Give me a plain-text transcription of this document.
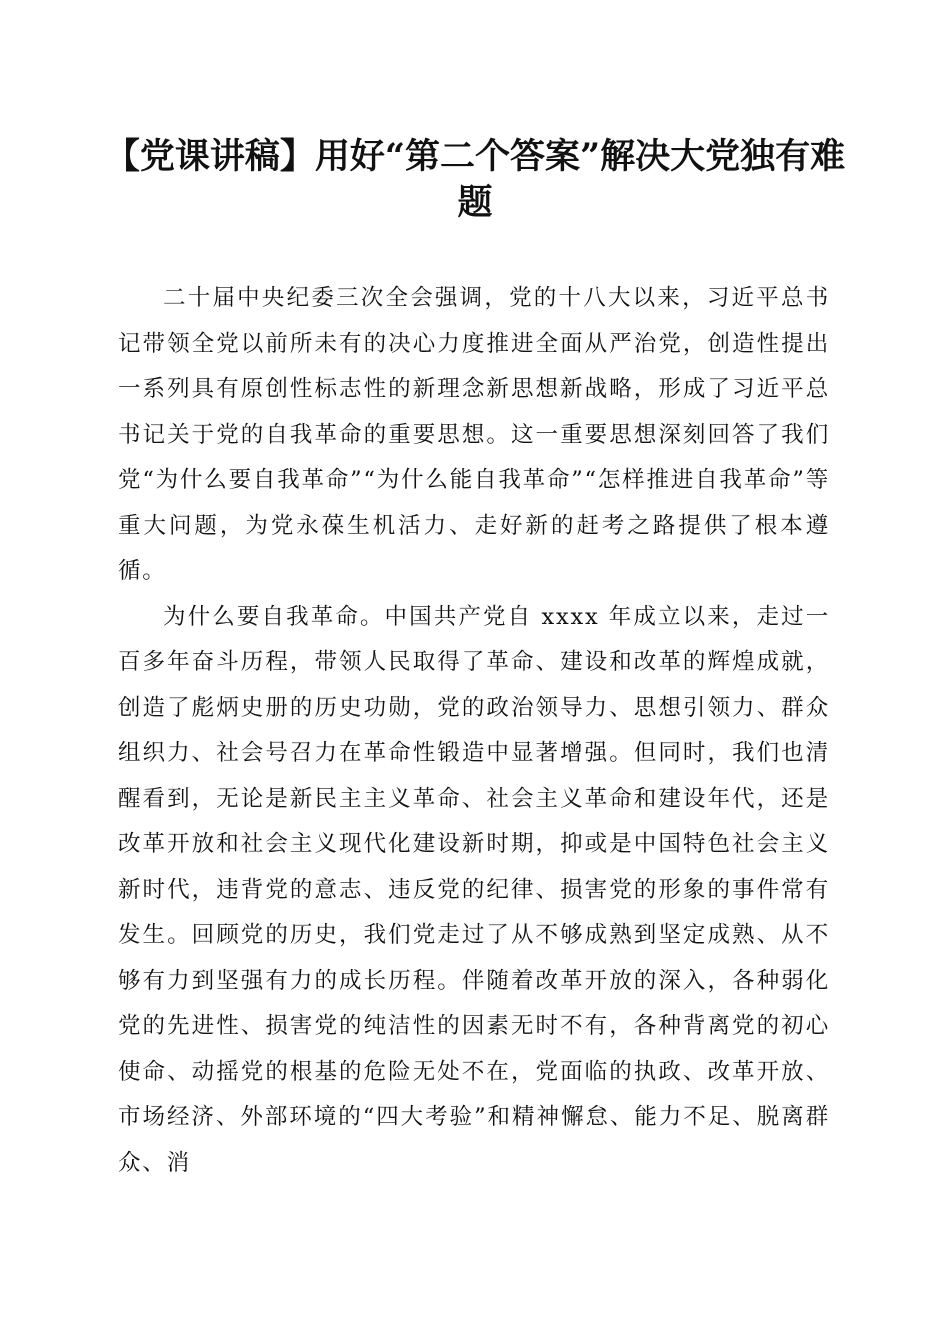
【党课讲稿】用好“第二个答案”解决大党独有难题

二十届中央纪委三次全会强调，党的十八大以来，习近平总书记带领全党以前所未有的决心力度推进全面从严治党，创造性提出一系列具有原创性标志性的新理念新思想新战略，形成了习近平总书记关于党的自我革命的重要思想。这一重要思想深刻回答了我们党“为什么要自我革命”“为什么能自我革命”“怎样推进自我革命”等重大问题，为党永葆生机活力、走好新的赶考之路提供了根本遵循。

为什么要自我革命。中国共产党自 xxxx 年成立以来，走过一百多年奋斗历程，带领人民取得了革命、建设和改革的辉煌成就，创造了彪炳史册的历史功勋，党的政治领导力、思想引领力、群众组织力、社会号召力在革命性锻造中显著增强。但同时，我们也清醒看到，无论是新民主主义革命、社会主义革命和建设年代，还是改革开放和社会主义现代化建设新时期，抑或是中国特色社会主义新时代，违背党的意志、违反党的纪律、损害党的形象的事件常有发生。回顾党的历史，我们党走过了从不够成熟到坚定成熟、从不够有力到坚强有力的成长历程。伴随着改革开放的深入，各种弱化党的先进性、损害党的纯洁性的因素无时不有，各种背离党的初心使命、动摇党的根基的危险无处不在，党面临的执政、改革开放、市场经济、外部环境的“四大考验”和精神懈怠、能力不足、脱离群众、消
